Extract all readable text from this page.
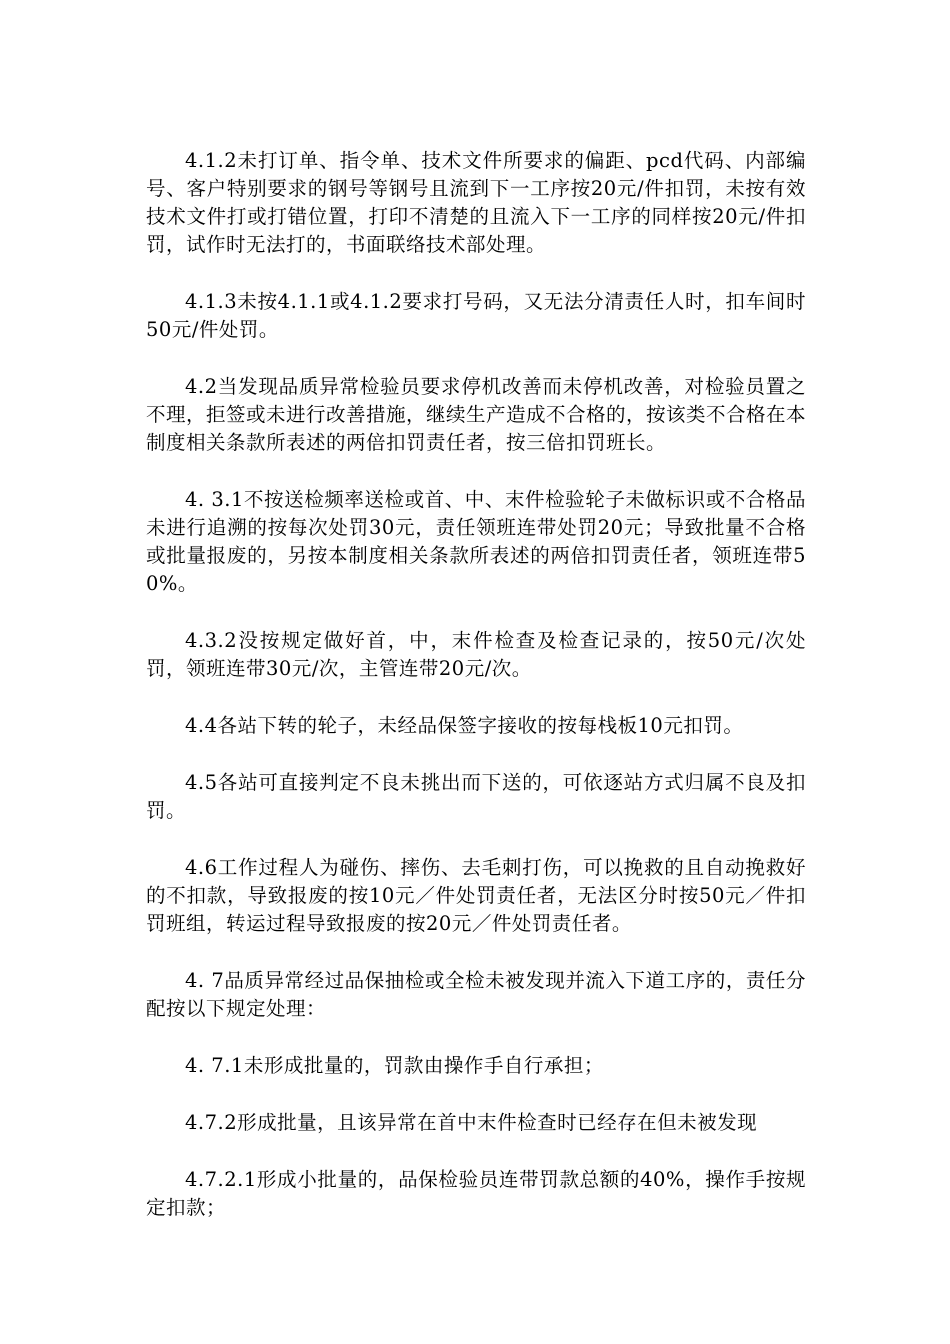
4.1.2未打订单、指令单、技术文件所要求的偏距、pcd代码、内部编号、客户特别要求的钢号等钢号且流到下一工序按20元/件扣罚，未按有效技术文件打或打错位置，打印不清楚的且流入下一工序的同样按20元/件扣罚，试作时无法打的，书面联络技术部处理。

4.1.3未按4.1.1或4.1.2要求打号码，又无法分清责任人时，扣车间时50元/件处罚。

4.2当发现品质异常检验员要求停机改善而未停机改善，对检验员置之不理，拒签或未进行改善措施，继续生产造成不合格的，按该类不合格在本制度相关条款所表述的两倍扣罚责任者，按三倍扣罚班长。

4. 3.1不按送检频率送检或首、中、末件检验轮子未做标识或不合格品未进行追溯的按每次处罚30元，责任领班连带处罚20元；导致批量不合格或批量报废的，另按本制度相关条款所表述的两倍扣罚责任者，领班连带50%。

4.3.2没按规定做好首，中，末件检查及检查记录的，按50元/次处罚，领班连带30元/次，主管连带20元/次。

4.4各站下转的轮子，未经品保签字接收的按每栈板10元扣罚。

4.5各站可直接判定不良未挑出而下送的，可依逐站方式归属不良及扣罚。

4.6工作过程人为碰伤、摔伤、去毛刺打伤，可以挽救的且自动挽救好的不扣款，导致报废的按10元／件处罚责任者，无法区分时按50元／件扣罚班组，转运过程导致报废的按20元／件处罚责任者。

4. 7品质异常经过品保抽检或全检未被发现并流入下道工序的，责任分配按以下规定处理：

4. 7.1未形成批量的，罚款由操作手自行承担；

4.7.2形成批量，且该异常在首中末件检查时已经存在但未被发现

4.7.2.1形成小批量的，品保检验员连带罚款总额的40%，操作手按规定扣款；
